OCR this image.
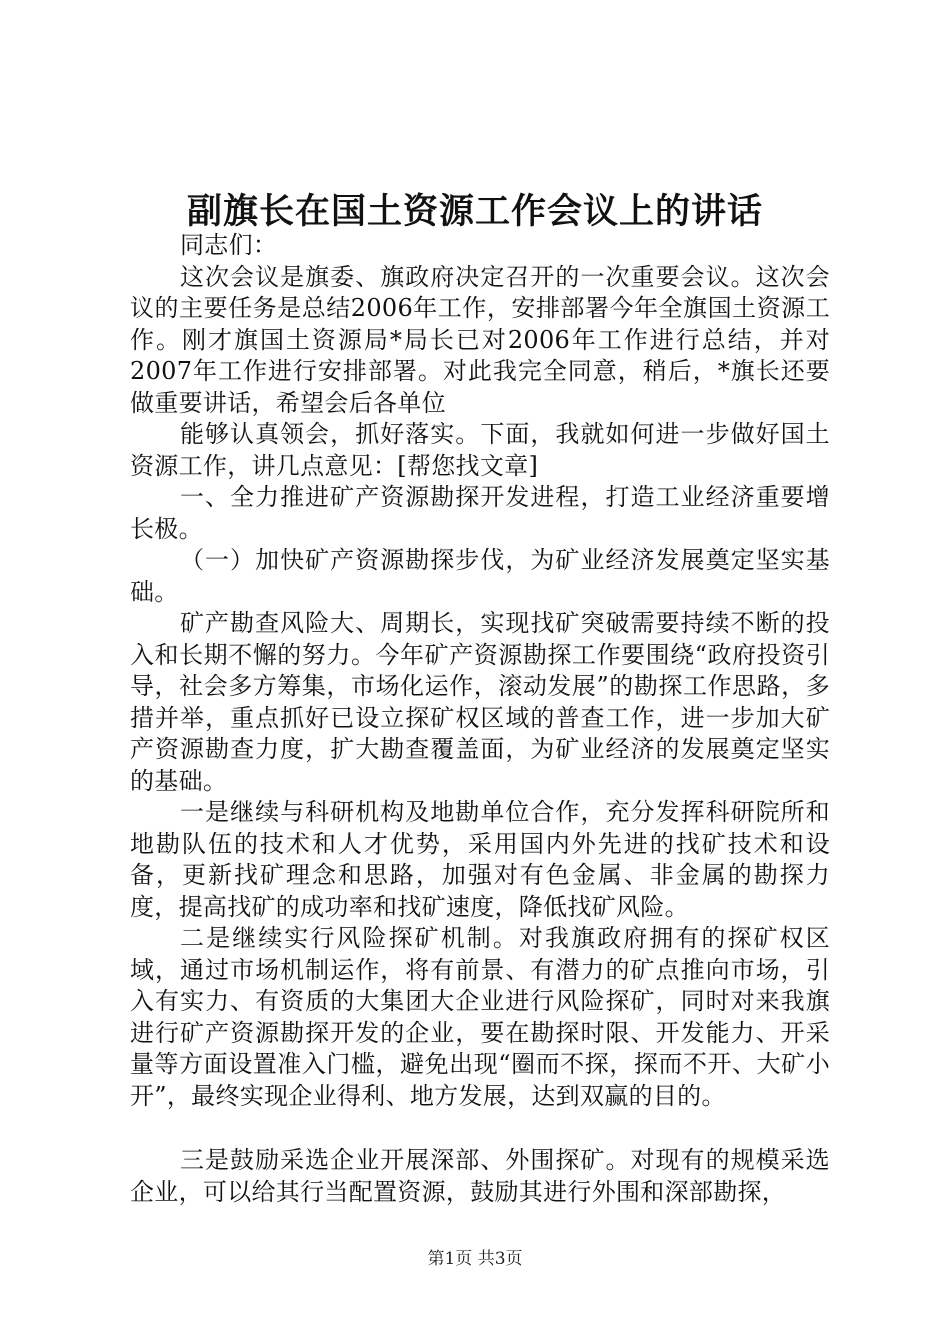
副旗长在国土资源工作会议上的讲话

同志们：

这次会议是旗委、旗政府决定召开的一次重要会议。这次会议的主要任务是总结2006年工作，安排部署今年全旗国土资源工作。刚才旗国土资源局*局长已对2006年工作进行总结，并对2007年工作进行安排部署。对此我完全同意，稍后，*旗长还要做重要讲话，希望会后各单位

能够认真领会，抓好落实。下面，我就如何进一步做好国土资源工作，讲几点意见：[帮您找文章]

一、全力推进矿产资源勘探开发进程，打造工业经济重要增长极。

（一）加快矿产资源勘探步伐，为矿业经济发展奠定坚实基础。

矿产勘查风险大、周期长，实现找矿突破需要持续不断的投入和长期不懈的努力。今年矿产资源勘探工作要围绕“政府投资引导，社会多方筹集，市场化运作，滚动发展”的勘探工作思路，多措并举，重点抓好已设立探矿权区域的普查工作，进一步加大矿产资源勘查力度，扩大勘查覆盖面，为矿业经济的发展奠定坚实的基础。

一是继续与科研机构及地勘单位合作，充分发挥科研院所和地勘队伍的技术和人才优势，采用国内外先进的找矿技术和设备，更新找矿理念和思路，加强对有色金属、非金属的勘探力度，提高找矿的成功率和找矿速度，降低找矿风险。

二是继续实行风险探矿机制。对我旗政府拥有的探矿权区域，通过市场机制运作，将有前景、有潜力的矿点推向市场，引入有实力、有资质的大集团大企业进行风险探矿，同时对来我旗进行矿产资源勘探开发的企业，要在勘探时限、开发能力、开采量等方面设置准入门槛，避免出现“圈而不探，探而不开、大矿小开”，最终实现企业得利、地方发展，达到双赢的目的。

三是鼓励采选企业开展深部、外围探矿。对现有的规模采选企业，可以给其行当配置资源，鼓励其进行外围和深部勘探，

第1页 共3页
